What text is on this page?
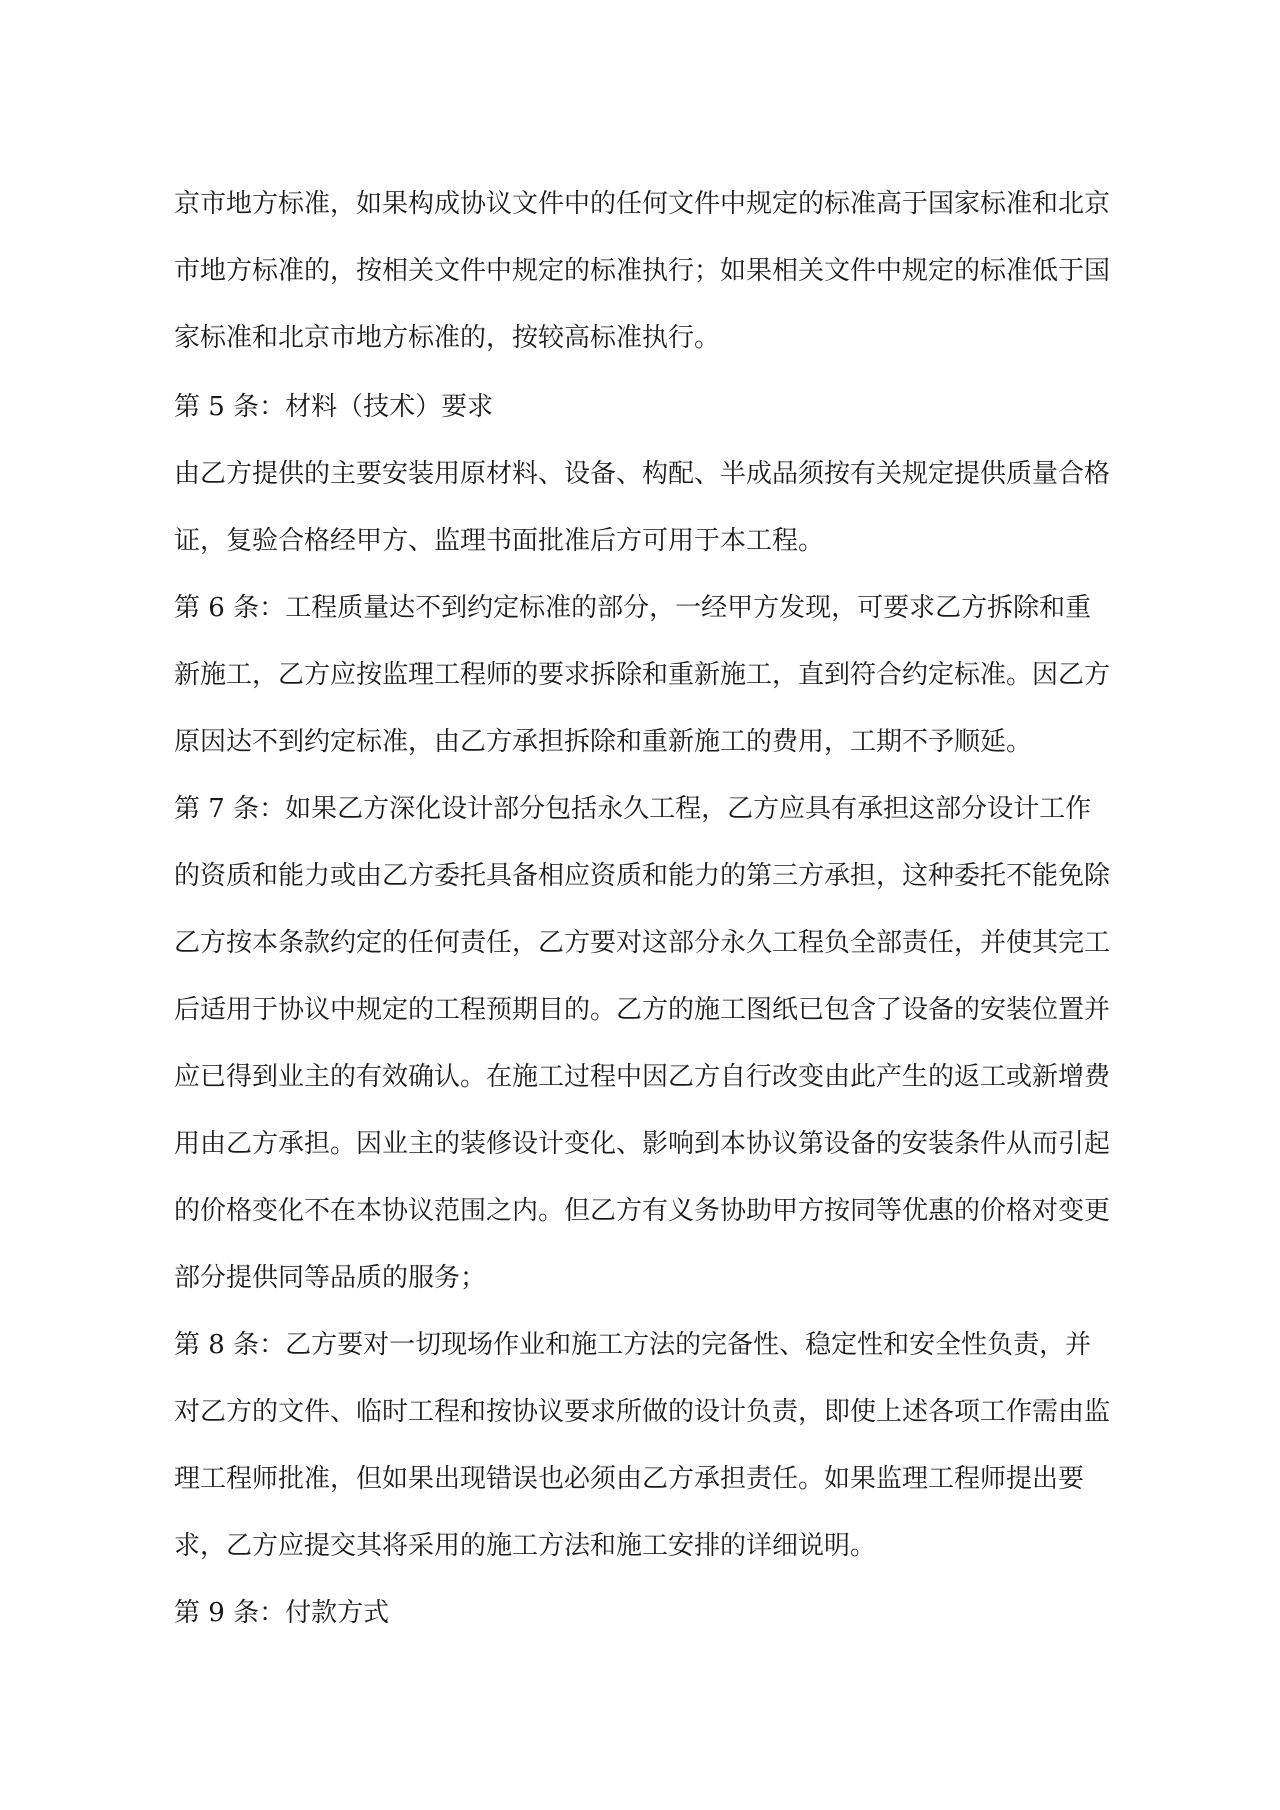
京市地方标准，如果构成协议文件中的任何文件中规定的标准高于国家标准和北京
市地方标准的，按相关文件中规定的标准执行；如果相关文件中规定的标准低于国
家标准和北京市地方标准的，按较高标准执行。
第 5 条：材料（技术）要求
由乙方提供的主要安装用原材料、设备、构配、半成品须按有关规定提供质量合格
证，复验合格经甲方、监理书面批准后方可用于本工程。
第 6 条：工程质量达不到约定标准的部分，一经甲方发现，可要求乙方拆除和重
新施工，乙方应按监理工程师的要求拆除和重新施工，直到符合约定标准。因乙方
原因达不到约定标准，由乙方承担拆除和重新施工的费用，工期不予顺延。
第 7 条：如果乙方深化设计部分包括永久工程，乙方应具有承担这部分设计工作
的资质和能力或由乙方委托具备相应资质和能力的第三方承担，这种委托不能免除
乙方按本条款约定的任何责任，乙方要对这部分永久工程负全部责任，并使其完工
后适用于协议中规定的工程预期目的。乙方的施工图纸已包含了设备的安装位置并
应已得到业主的有效确认。在施工过程中因乙方自行改变由此产生的返工或新增费
用由乙方承担。因业主的装修设计变化、影响到本协议第设备的安装条件从而引起
的价格变化不在本协议范围之内。但乙方有义务协助甲方按同等优惠的价格对变更
部分提供同等品质的服务；
第 8 条：乙方要对一切现场作业和施工方法的完备性、稳定性和安全性负责，并
对乙方的文件、临时工程和按协议要求所做的设计负责，即使上述各项工作需由监
理工程师批准，但如果出现错误也必须由乙方承担责任。如果监理工程师提出要
求，乙方应提交其将采用的施工方法和施工安排的详细说明。
第 9 条：付款方式
